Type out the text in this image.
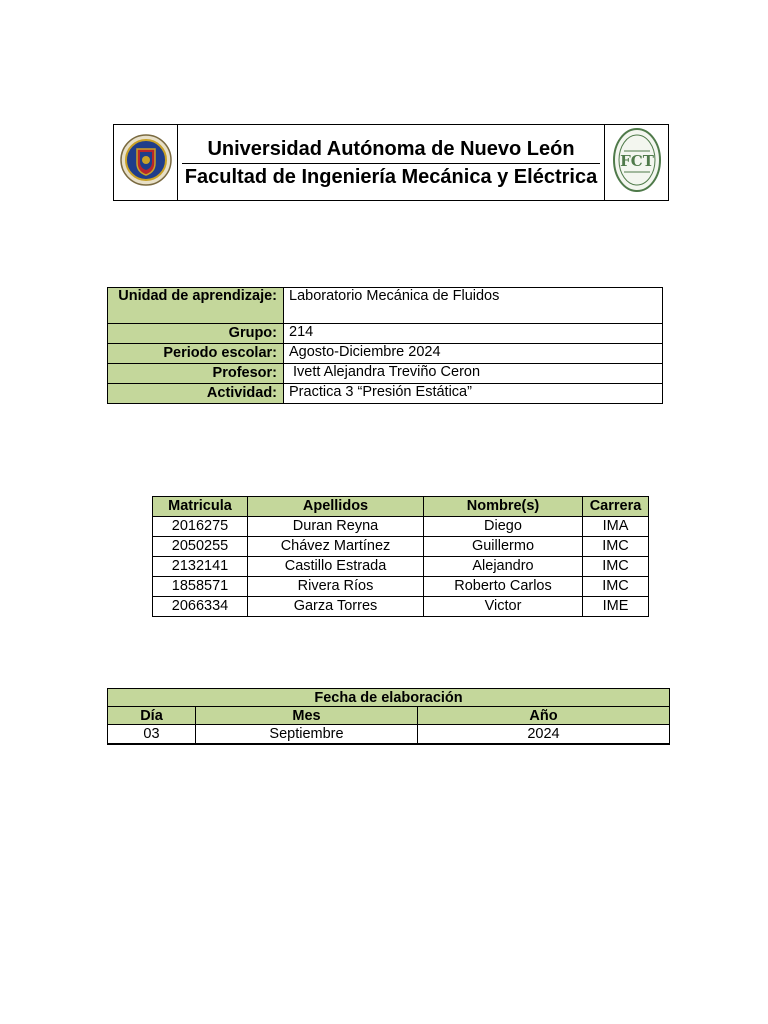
Universidad Autónoma de Nuevo León
Facultad de Ingeniería Mecánica y Eléctrica

FCT
Unidad de aprendizaje:	Laboratorio Mecánica de Fluidos
Grupo:	214
Periodo escolar:	Agosto-Diciembre 2024
Profesor:	Ivett Alejandra Treviño Ceron
Actividad:	Practica 3 “Presión Estática”
Matricula	Apellidos	Nombre(s)	Carrera
2016275	Duran Reyna	Diego	IMA
2050255	Chávez Martínez	Guillermo	IMC
2132141	Castillo Estrada	Alejandro	IMC
1858571	Rivera Ríos	Roberto Carlos	IMC
2066334	Garza Torres	Victor	IME
Fecha de elaboración		
Día	Mes	Año
03	Septiembre	2024
